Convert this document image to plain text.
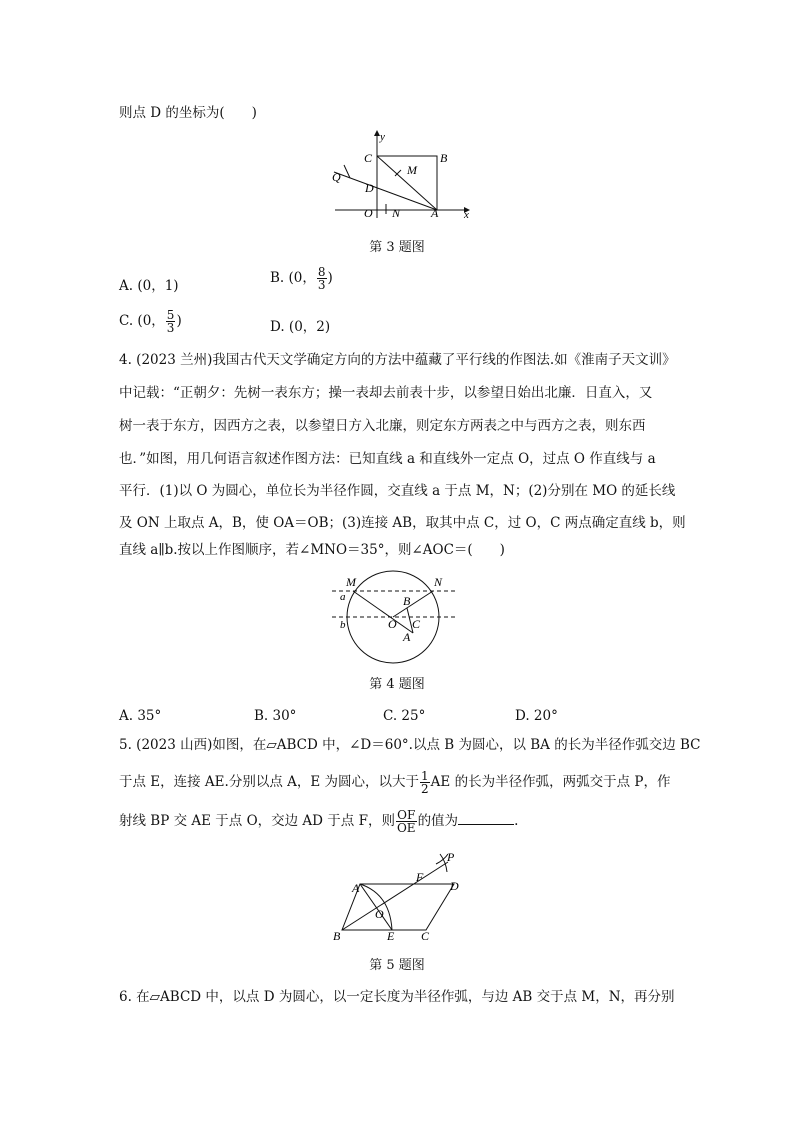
则点 D 的坐标为(　　)
y
x
C	B
Q	M
D
O N	A
第 3 题图
A. (0，1)	B. (0， $\frac{8}{3}$ )
C. (0， $\frac{5}{3}$ )	D. (0，2)
4. (2023 兰州)我国古代天文学确定方向的方法中蕴藏了平行线的作图法.如《淮南子天文训》
中记载：“正朝夕：先树一表东方；操一表却去前表十步，以参望日始出北廉．日直入，又
树一表于东方，因西方之表，以参望日方入北廉，则定东方两表之中与西方之表，则东西
也．”如图，用几何语言叙述作图方法：已知直线 a 和直线外一定点 O，过点 O 作直线与 a
平行．(1)以 O 为圆心，单位长为半径作圆，交直线 a 于点 M，N；(2)分别在 MO 的延长线
及 ON 上取点 A，B，使 OA＝OB；(3)连接 AB，取其中点 C，过 O，C 两点确定直线 b，则
直线 a∥b.按以上作图顺序，若∠MNO＝35°，则∠AOC＝(　　)
M	N
a	B
b	O C
A
第 4 题图
A. 35°	B. 30°	C. 25°	D. 20°
5. (2023 山西)如图，在▱ABCD 中，∠D＝60°.以点 B 为圆心，以 BA 的长为半径作弧交边 BC
于点 E，连接 AE.分别以点 A，E 为圆心，以大于 $\frac{1}{2}$ AE 的长为半径作弧，两弧交于点 P，作
射线 BP 交 AE 于点 O，交边 AD 于点 F，则 $\frac{OF}{OE}$ 的值为	.
P
F
D
A
O
B	E C
第 5 题图
6. 在▱ABCD 中，以点 D 为圆心，以一定长度为半径作弧，与边 AB 交于点 M，N，再分别
